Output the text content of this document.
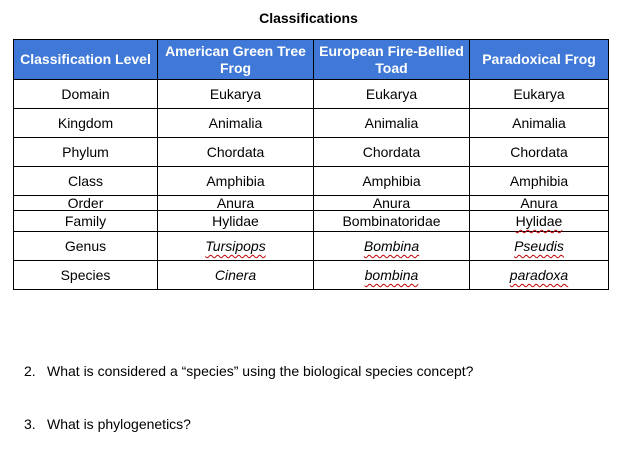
Classifications
Classification Level	American Green Tree Frog	European Fire-Bellied Toad	Paradoxical Frog
Domain	Eukarya	Eukarya	Eukarya
Kingdom	Animalia	Animalia	Animalia
Phylum	Chordata	Chordata	Chordata
Class	Amphibia	Amphibia	Amphibia
Order	Anura	Anura	Anura
Family	Hylidae	Bombinatoridae	Hylidae
Genus	Tursipops	Bombina	Pseudis
Species	Cinera	bombina	paradoxa
2. What is considered a “species” using the biological species concept?
3. What is phylogenetics?
